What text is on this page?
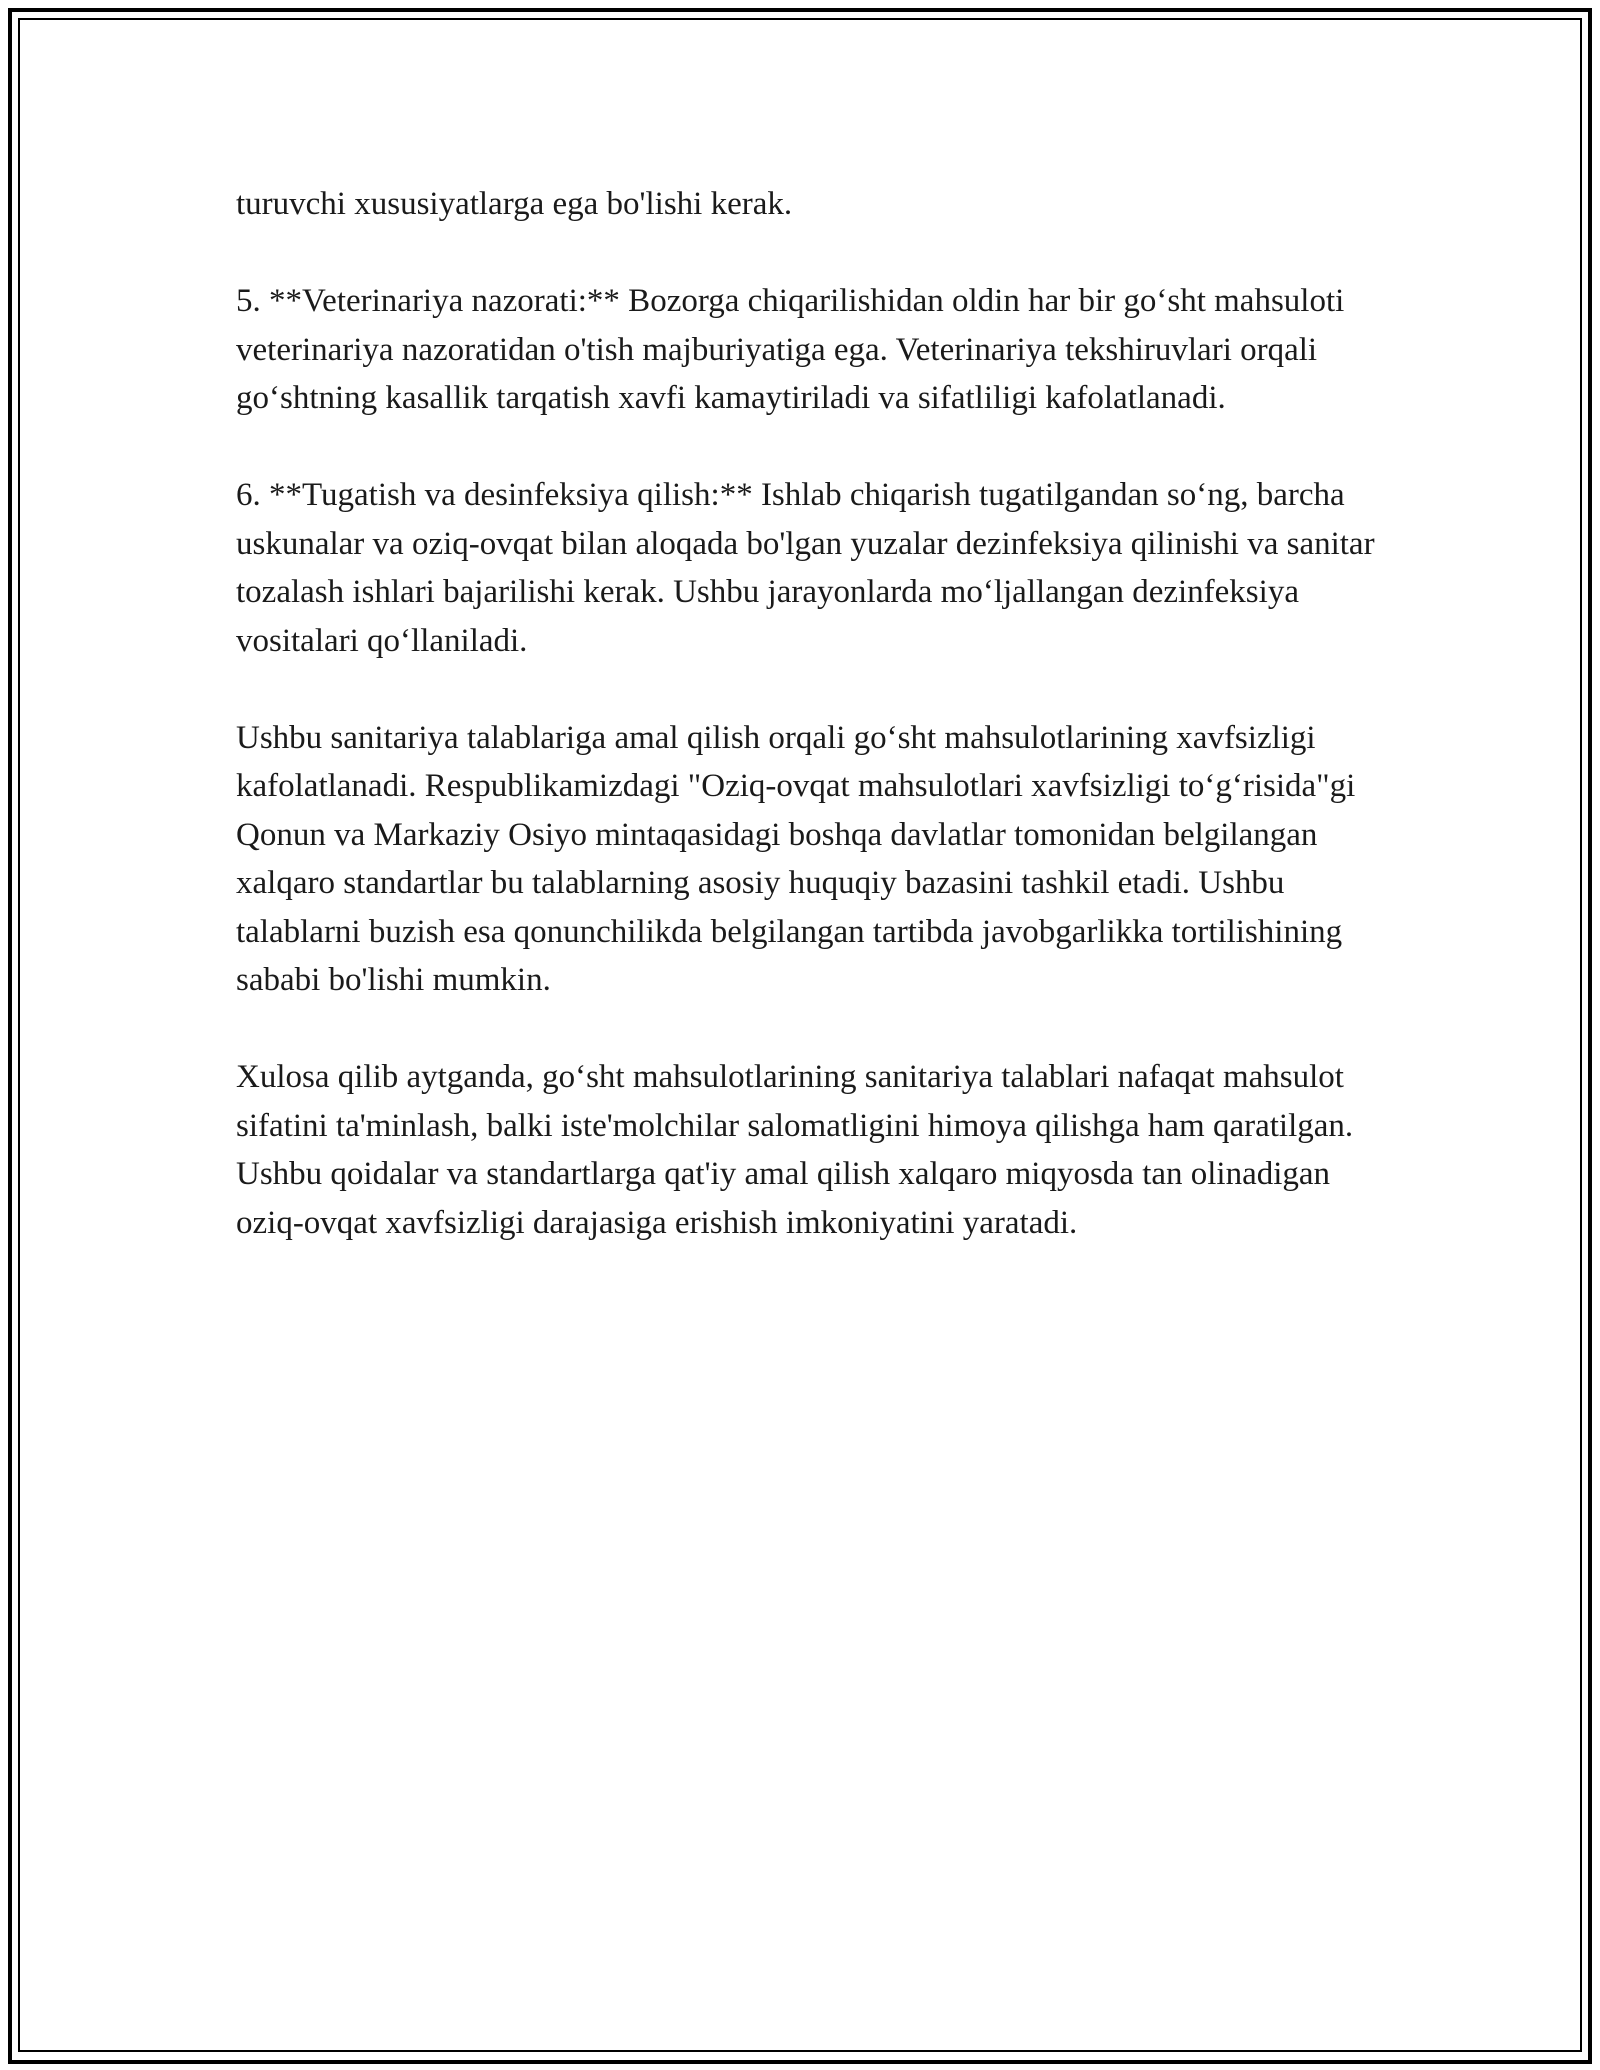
turuvchi xususiyatlarga ega bo'lishi kerak.

5. **Veterinariya nazorati:** Bozorga chiqarilishidan oldin har bir go‘sht mahsuloti veterinariya nazoratidan o'tish majburiyatiga ega. Veterinariya tekshiruvlari orqali go‘shtning kasallik tarqatish xavfi kamaytiriladi va sifatliligi kafolatlanadi.

6. **Tugatish va desinfeksiya qilish:** Ishlab chiqarish tugatilgandan so‘ng, barcha uskunalar va oziq-ovqat bilan aloqada bo'lgan yuzalar dezinfeksiya qilinishi va sanitar tozalash ishlari bajarilishi kerak. Ushbu jarayonlarda mo‘ljallangan dezinfeksiya vositalari qo‘llaniladi.

Ushbu sanitariya talablariga amal qilish orqali go‘sht mahsulotlarining xavfsizligi kafolatlanadi. Respublikamizdagi "Oziq-ovqat mahsulotlari xavfsizligi to‘g‘risida"gi Qonun va Markaziy Osiyo mintaqasidagi boshqa davlatlar tomonidan belgilangan xalqaro standartlar bu talablarning asosiy huquqiy bazasini tashkil etadi. Ushbu talablarni buzish esa qonunchilikda belgilangan tartibda javobgarlikka tortilishining sababi bo'lishi mumkin.

Xulosa qilib aytganda, go‘sht mahsulotlarining sanitariya talablari nafaqat mahsulot sifatini ta'minlash, balki iste'molchilar salomatligini himoya qilishga ham qaratilgan. Ushbu qoidalar va standartlarga qat'iy amal qilish xalqaro miqyosda tan olinadigan oziq-ovqat xavfsizligi darajasiga erishish imkoniyatini yaratadi.
